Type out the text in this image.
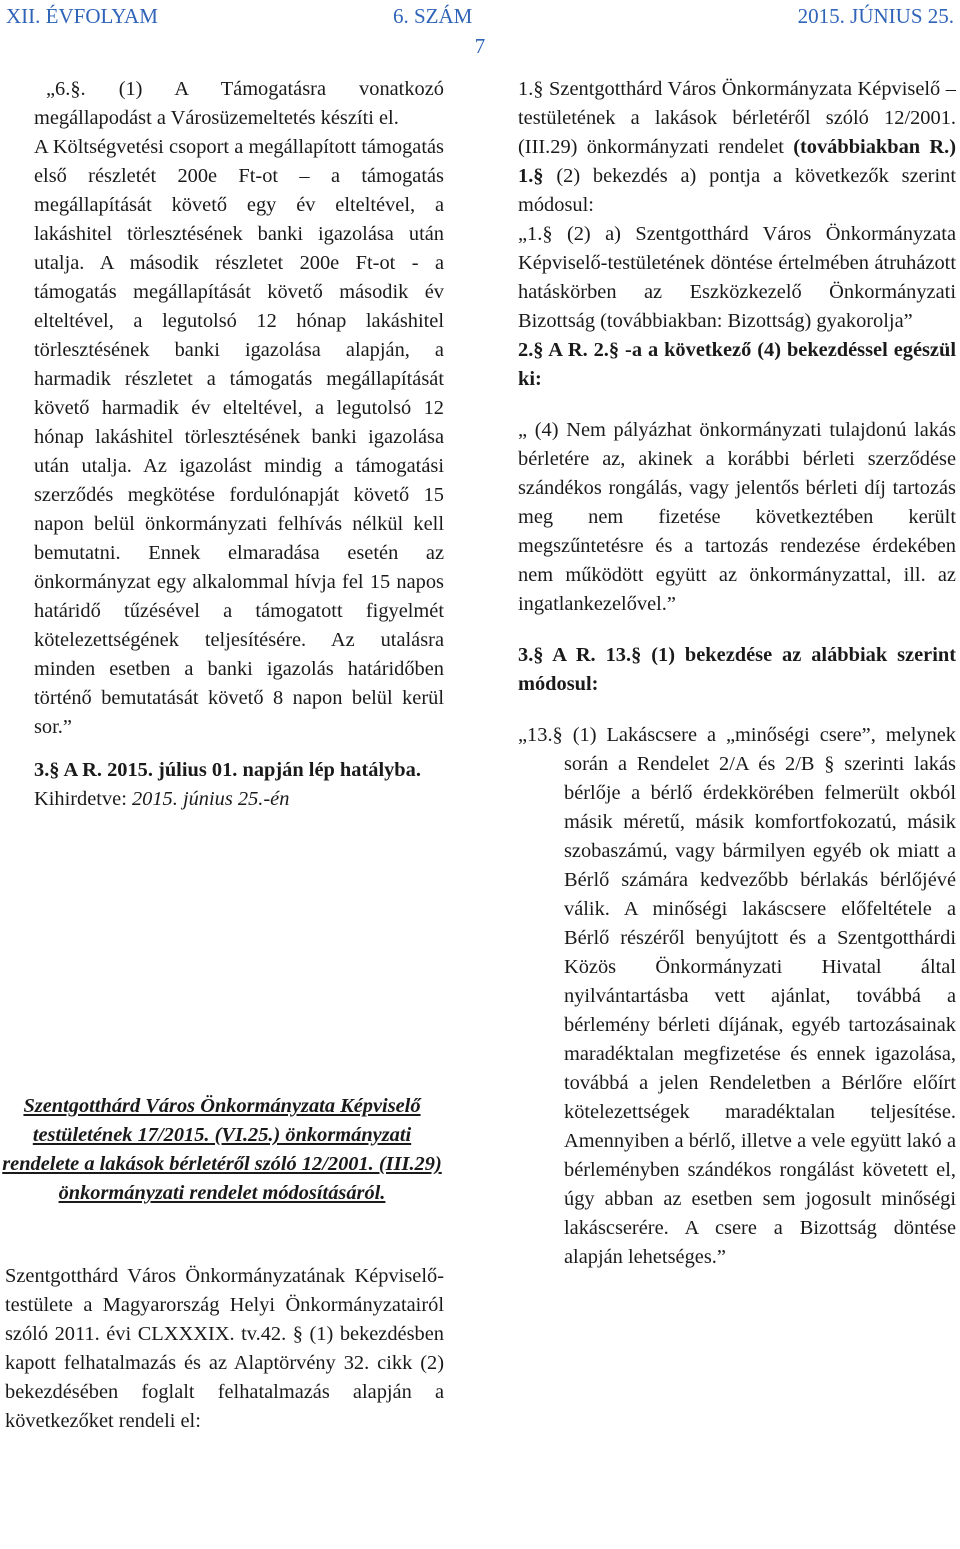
XII. ÉVFOLYAM	6. SZÁM	2015. JÚNIUS 25.
7

„6.§. (1) A Támogatásra vonatkozó megállapodást a Városüzemeltetés készíti el.

A Költségvetési csoport a megállapított támogatás első részletét 200e Ft-ot – a támogatás megállapítását követő egy év elteltével, a lakáshitel törlesztésének banki igazolása után utalja. A második részletet 200e Ft-ot - a támogatás megállapítását követő második év elteltével, a legutolsó 12 hónap lakáshitel törlesztésének banki igazolása alapján, a harmadik részletet a támogatás megállapítását követő harmadik év elteltével, a legutolsó 12 hónap lakáshitel törlesztésének banki igazolása után utalja. Az igazolást mindig a támogatási szerződés megkötése fordulónapját követő 15 napon belül önkormányzati felhívás nélkül kell bemutatni. Ennek elmaradása esetén az önkormányzat egy alkalommal hívja fel 15 napos határidő tűzésével a támogatott figyelmét kötelezettségének teljesítésére. Az utalásra minden esetben a banki igazolás határidőben történő bemutatását követő 8 napon belül kerül sor.”

3.§ A R. 2015. július 01. napján lép hatályba.

Kihirdetve: 2015. június 25.-én

Szentgotthárd Város Önkormányzata Képviselő testületének 17/2015. (VI.25.) önkormányzati rendelete a lakások bérletéről szóló 12/2001. (III.29) önkormányzati rendelet módosításáról.
Szentgotthárd Város Önkormányzatának Képviselő-testülete a Magyarország Helyi Önkormányzatairól szóló 2011. évi CLXXXIX. tv.42. § (1) bekezdésben kapott felhatalmazás és az Alaptörvény 32. cikk (2) bekezdésében foglalt felhatalmazás alapján a következőket rendeli el:

1.§ Szentgotthárd Város Önkormányzata Képviselő – testületének a lakások bérletéről szóló 12/2001. (III.29) önkormányzati rendelet (továbbiakban R.) 1.§ (2) bekezdés a) pontja a következők szerint módosul:

„1.§ (2) a) Szentgotthárd Város Önkormányzata Képviselő-testületének döntése értelmében átruházott hatáskörben az Eszközkezelő Önkormányzati Bizottság (továbbiakban: Bizottság) gyakorolja”

2.§ A R. 2.§ -a a következő (4) bekezdéssel egészül ki:

„ (4) Nem pályázhat önkormányzati tulajdonú lakás bérletére az, akinek a korábbi bérleti szerződése szándékos rongálás, vagy jelentős bérleti díj tartozás meg nem fizetése következtében került megszűntetésre és a tartozás rendezése érdekében nem működött együtt az önkormányzattal, ill. az ingatlankezelővel.”

3.§ A R. 13.§ (1) bekezdése az alábbiak szerint módosul:

„13.§ (1) Lakáscsere a „minőségi csere”, melynek során a Rendelet 2/A és 2/B § szerinti lakás bérlője a bérlő érdekkörében felmerült okból másik méretű, másik komfortfokozatú, másik szobaszámú, vagy bármilyen egyéb ok miatt a Bérlő számára kedvezőbb bérlakás bérlőjévé válik. A minőségi lakáscsere előfeltétele a Bérlő részéről benyújtott és a Szentgotthárdi Közös Önkormányzati Hivatal által nyilvántartásba vett ajánlat, továbbá a bérlemény bérleti díjának, egyéb tartozásainak maradéktalan megfizetése és ennek igazolása, továbbá a jelen Rendeletben a Bérlőre előírt kötelezettségek maradéktalan teljesítése. Amennyiben a bérlő, illetve a vele együtt lakó a bérleményben szándékos rongálást követett el, úgy abban az esetben sem jogosult minőségi lakáscserére. A csere a Bizottság döntése alapján lehetséges.”
